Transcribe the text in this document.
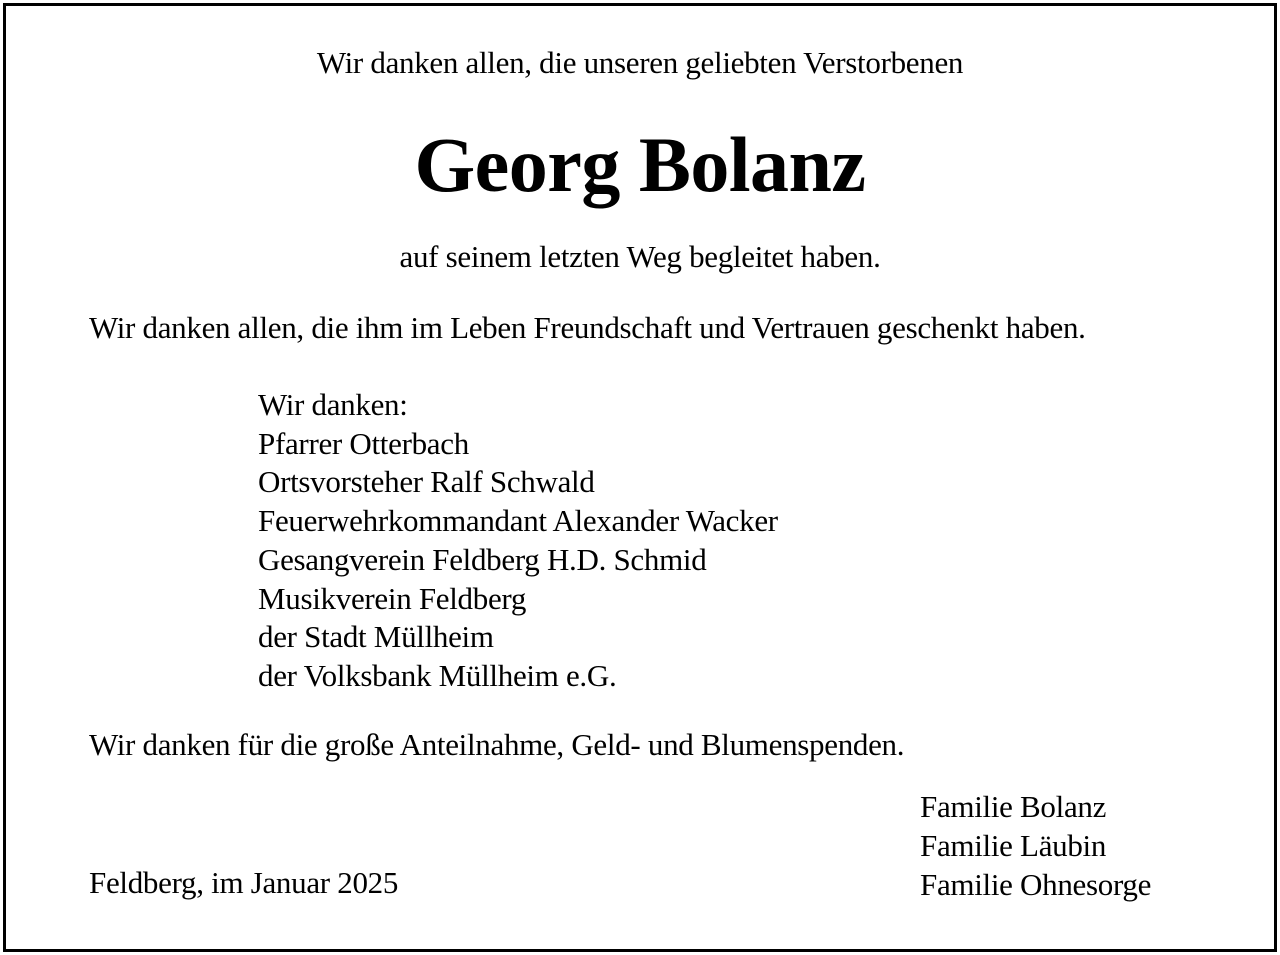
Wir danken allen, die unseren geliebten Verstorbenen
Georg Bolanz
auf seinem letzten Weg begleitet haben.
Wir danken allen, die ihm im Leben Freundschaft und Vertrauen geschenkt haben.
Wir danken:
Pfarrer Otterbach
Ortsvorsteher Ralf Schwald
Feuerwehrkommandant Alexander Wacker
Gesangverein Feldberg H.D. Schmid
Musikverein Feldberg
der Stadt Müllheim
der Volksbank Müllheim e.G.
Wir danken für die große Anteilnahme, Geld- und Blumenspenden.
Feldberg, im Januar 2025
Familie Bolanz
Familie Läubin
Familie Ohnesorge
